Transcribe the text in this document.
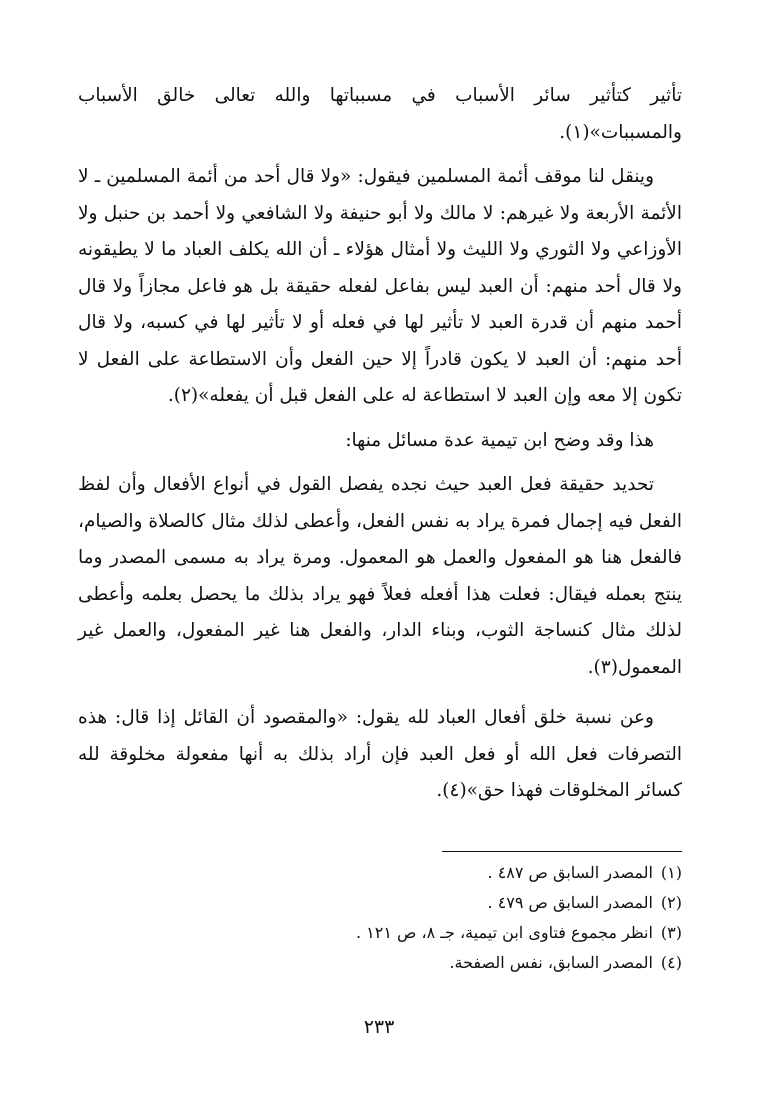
تأثير كتأثير سائر الأسباب في مسبباتها والله تعالى خالق الأسباب والمسببات»(١).

وينقل لنا موقف أئمة المسلمين فيقول: «ولا قال أحد من أئمة المسلمين ـ لا الأئمة الأربعة ولا غيرهم: لا مالك ولا أبو حنيفة ولا الشافعي ولا أحمد بن حنبل ولا الأوزاعي ولا الثوري ولا الليث ولا أمثال هؤلاء ـ أن الله يكلف العباد ما لا يطيقونه ولا قال أحد منهم: أن العبد ليس بفاعل لفعله حقيقة بل هو فاعل مجازاً ولا قال أحمد منهم أن قدرة العبد لا تأثير لها في فعله أو لا تأثير لها في كسبه، ولا قال أحد منهم: أن العبد لا يكون قادراً إلا حين الفعل وأن الاستطاعة على الفعل لا تكون إلا معه وإن العبد لا استطاعة له على الفعل قبل أن يفعله»(٢).

هذا وقد وضح ابن تيمية عدة مسائل منها:

تحديد حقيقة فعل العبد حيث نجده يفصل القول في أنواع الأفعال وأن لفظ الفعل فيه إجمال فمرة يراد به نفس الفعل، وأعطى لذلك مثال كالصلاة والصيام، فالفعل هنا هو المفعول والعمل هو المعمول. ومرة يراد به مسمى المصدر وما ينتج بعمله فيقال: فعلت هذا أفعله فعلاً فهو يراد بذلك ما يحصل بعلمه وأعطى لذلك مثال كنساجة الثوب، وبناء الدار، والفعل هنا غير المفعول، والعمل غير المعمول(٣).

وعن نسبة خلق أفعال العباد لله يقول: «والمقصود أن القائل إذا قال: هذه التصرفات فعل الله أو فعل العبد فإن أراد بذلك به أنها مفعولة مخلوقة لله كسائر المخلوقات فهذا حق»(٤).

(١)المصدر السابق ص ٤٨٧ .
(٢)المصدر السابق ص ٤٧٩ .
(٣)انظر مجموع فتاوى ابن تيمية، جـ ٨، ص ١٢١ .
(٤)المصدر السابق، نفس الصفحة.
٢٣٣
